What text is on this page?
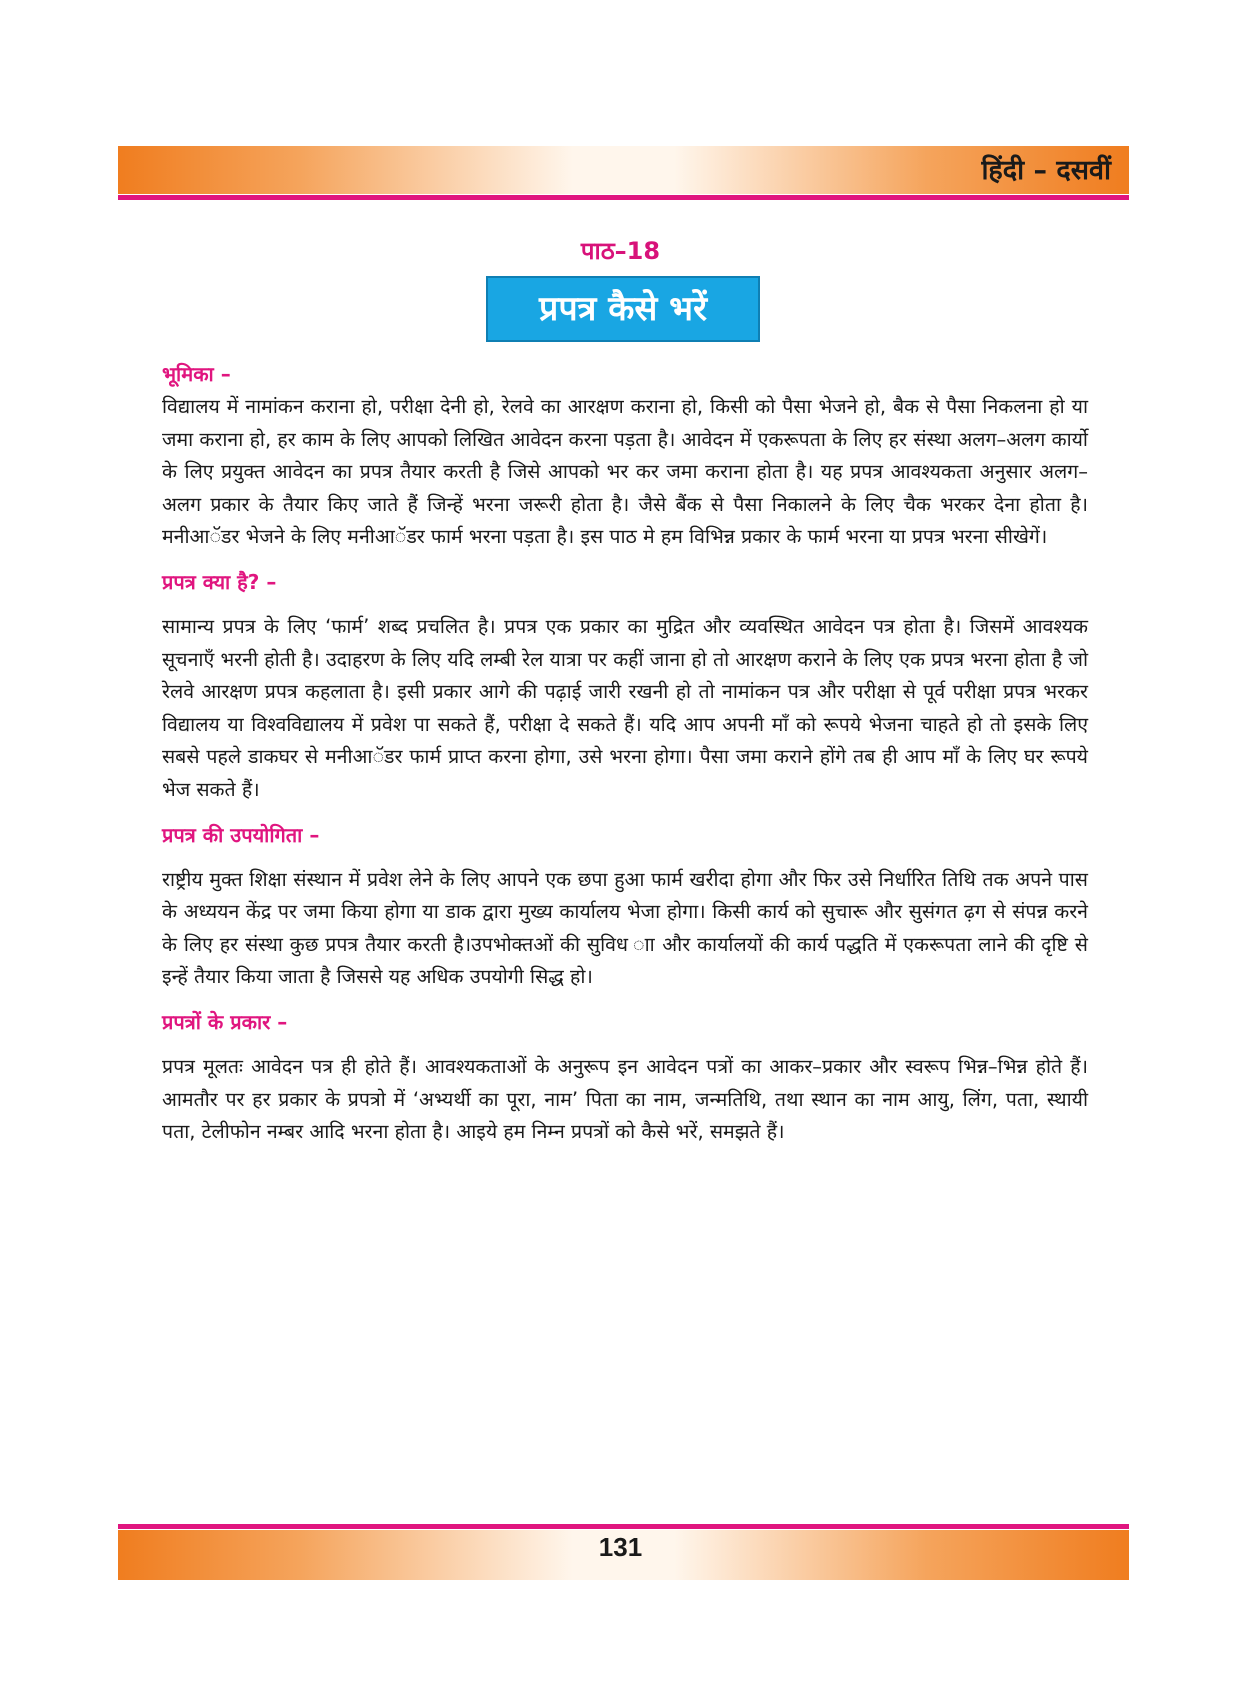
हिंदी – दसवीं
पाठ–18
प्रपत्र कैसे भरें
भूमिका –

विद्यालय में नामांकन कराना हो, परीक्षा देनी हो, रेलवे का आरक्षण कराना हो, किसी को पैसा भेजने हो, बैक से पैसा निकलना हो या जमा कराना हो, हर काम के लिए आपको लिखित आवेदन करना पड़ता है। आवेदन में एकरूपता के लिए हर संस्था अलग–अलग कार्यो के लिए प्रयुक्त आवेदन का प्रपत्र तैयार करती है जिसे आपको भर कर जमा कराना होता है। यह प्रपत्र आवश्यकता अनुसार अलग–अलग प्रकार के तैयार किए जाते हैं जिन्हें भरना जरूरी होता है। जैसे बैंक से पैसा निकालने के लिए चैक भरकर देना होता है। मनीआॅडर भेजने के लिए मनीआॅडर फार्म भरना पड़ता है। इस पाठ मे हम विभिन्न प्रकार के फार्म भरना या प्रपत्र भरना सीखेगें।

प्रपत्र क्या है? –

सामान्य प्रपत्र के लिए ‘फार्म’ शब्द प्रचलित है। प्रपत्र एक प्रकार का मुद्रित और व्यवस्थित आवेदन पत्र होता है। जिसमें आवश्यक सूचनाएँ भरनी होती है। उदाहरण के लिए यदि लम्बी रेल यात्रा पर कहीं जाना हो तो आरक्षण कराने के लिए एक प्रपत्र भरना होता है जो रेलवे आरक्षण प्रपत्र कहलाता है। इसी प्रकार आगे की पढ़ाई जारी रखनी हो तो नामांकन पत्र और परीक्षा से पूर्व परीक्षा प्रपत्र भरकर विद्यालय या विश्वविद्यालय में प्रवेश पा सकते हैं, परीक्षा दे सकते हैं। यदि आप अपनी माँ को रूपये भेजना चाहते हो तो इसके लिए सबसे पहले डाकघर से मनीआॅडर फार्म प्राप्त करना होगा, उसे भरना होगा। पैसा जमा कराने होंगे तब ही आप माँ के लिए घर रूपये भेज सकते हैं।

प्रपत्र की उपयोगिता –

राष्ट्रीय मुक्त शिक्षा संस्थान में प्रवेश लेने के लिए आपने एक छपा हुआ फार्म खरीदा होगा और फिर उसे निर्धारित तिथि तक अपने पास के अध्ययन केंद्र पर जमा किया होगा या डाक द्वारा मुख्य कार्यालय भेजा होगा। किसी कार्य को सुचारू और सुसंगत ढ़ग से संपन्न करने के लिए हर संस्था कुछ प्रपत्र तैयार करती है।उपभोक्तओं की सुविध ाा और कार्यालयों की कार्य पद्धति में एकरूपता लाने की दृष्टि से इन्हें तैयार किया जाता है जिससे यह अधिक उपयोगी सिद्ध हो।

प्रपत्रों के प्रकार –

प्रपत्र मूलतः आवेदन पत्र ही होते हैं। आवश्यकताओं के अनुरूप इन आवेदन पत्रों का आकर–प्रकार और स्वरूप भिन्न–भिन्न होते हैं। आमतौर पर हर प्रकार के प्रपत्रो में ‘अभ्यर्थी का पूरा, नाम’ पिता का नाम, जन्मतिथि, तथा स्थान का नाम आयु, लिंग, पता, स्थायी पता, टेलीफोन नम्बर आदि भरना होता है। आइये हम निम्न प्रपत्रों को कैसे भरें, समझते हैं।

131
